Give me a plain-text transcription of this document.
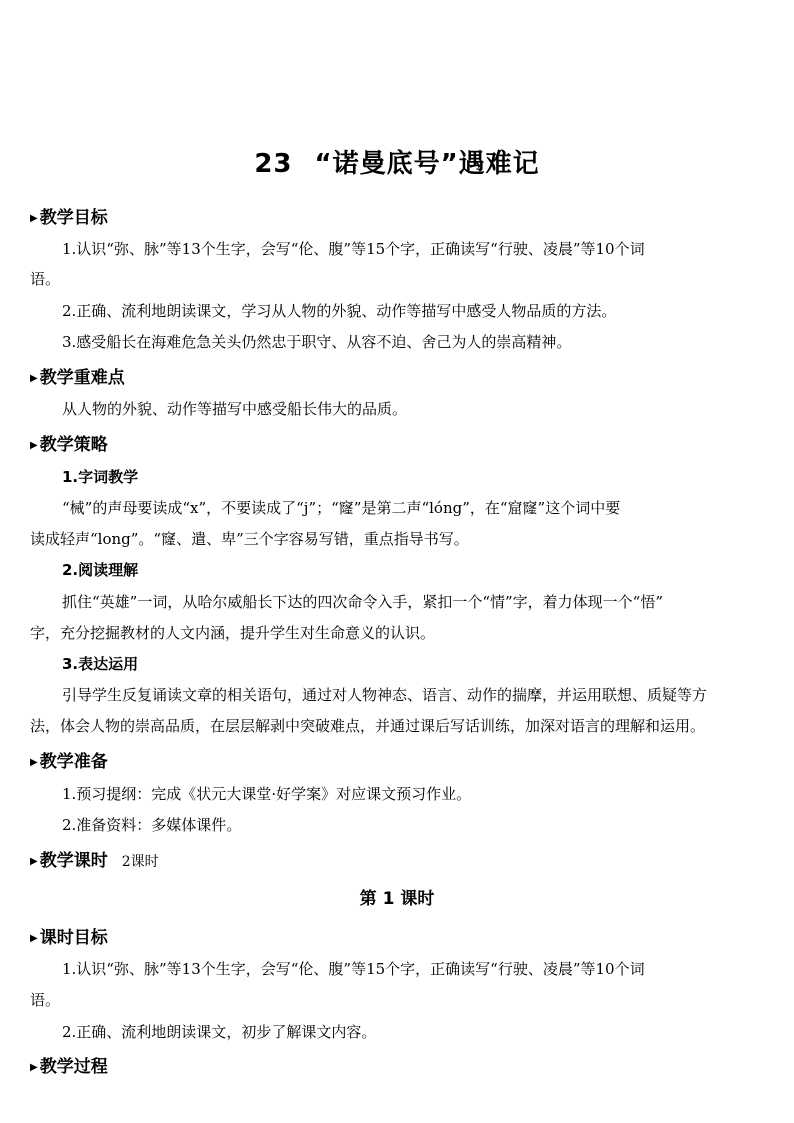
23 “诺曼底号”遇难记
▶ 教学目标
1.认识“弥、脉”等13个生字，会写“伦、腹”等15个字，正确读写“行驶、凌晨”等10个词
语。
2.正确、流利地朗读课文，学习从人物的外貌、动作等描写中感受人物品质的方法。
3.感受船长在海难危急关头仍然忠于职守、从容不迫、舍己为人的崇高精神。
▶ 教学重难点
从人物的外貌、动作等描写中感受船长伟大的品质。
▶ 教学策略
1.字词教学
“械”的声母要读成“x”，不要读成了“j”；“窿”是第二声“lóng”，在“窟窿”这个词中要
读成轻声“long”。“窿、遣、卑”三个字容易写错，重点指导书写。
2.阅读理解
抓住“英雄”一词，从哈尔威船长下达的四次命令入手，紧扣一个“情”字，着力体现一个“悟”
字，充分挖掘教材的人文内涵，提升学生对生命意义的认识。
3.表达运用
引导学生反复诵读文章的相关语句，通过对人物神态、语言、动作的揣摩，并运用联想、质疑等方
法，体会人物的崇高品质，在层层解剥中突破难点，并通过课后写话训练，加深对语言的理解和运用。
▶ 教学准备
1.预习提纲：完成《状元大课堂·好学案》对应课文预习作业。
2.准备资料：多媒体课件。
▶ 教学课时 2课时
第 1 课时
▶ 课时目标
1.认识“弥、脉”等13个生字，会写“伦、腹”等15个字，正确读写“行驶、凌晨”等10个词
语。
2.正确、流利地朗读课文，初步了解课文内容。
▶ 教学过程
